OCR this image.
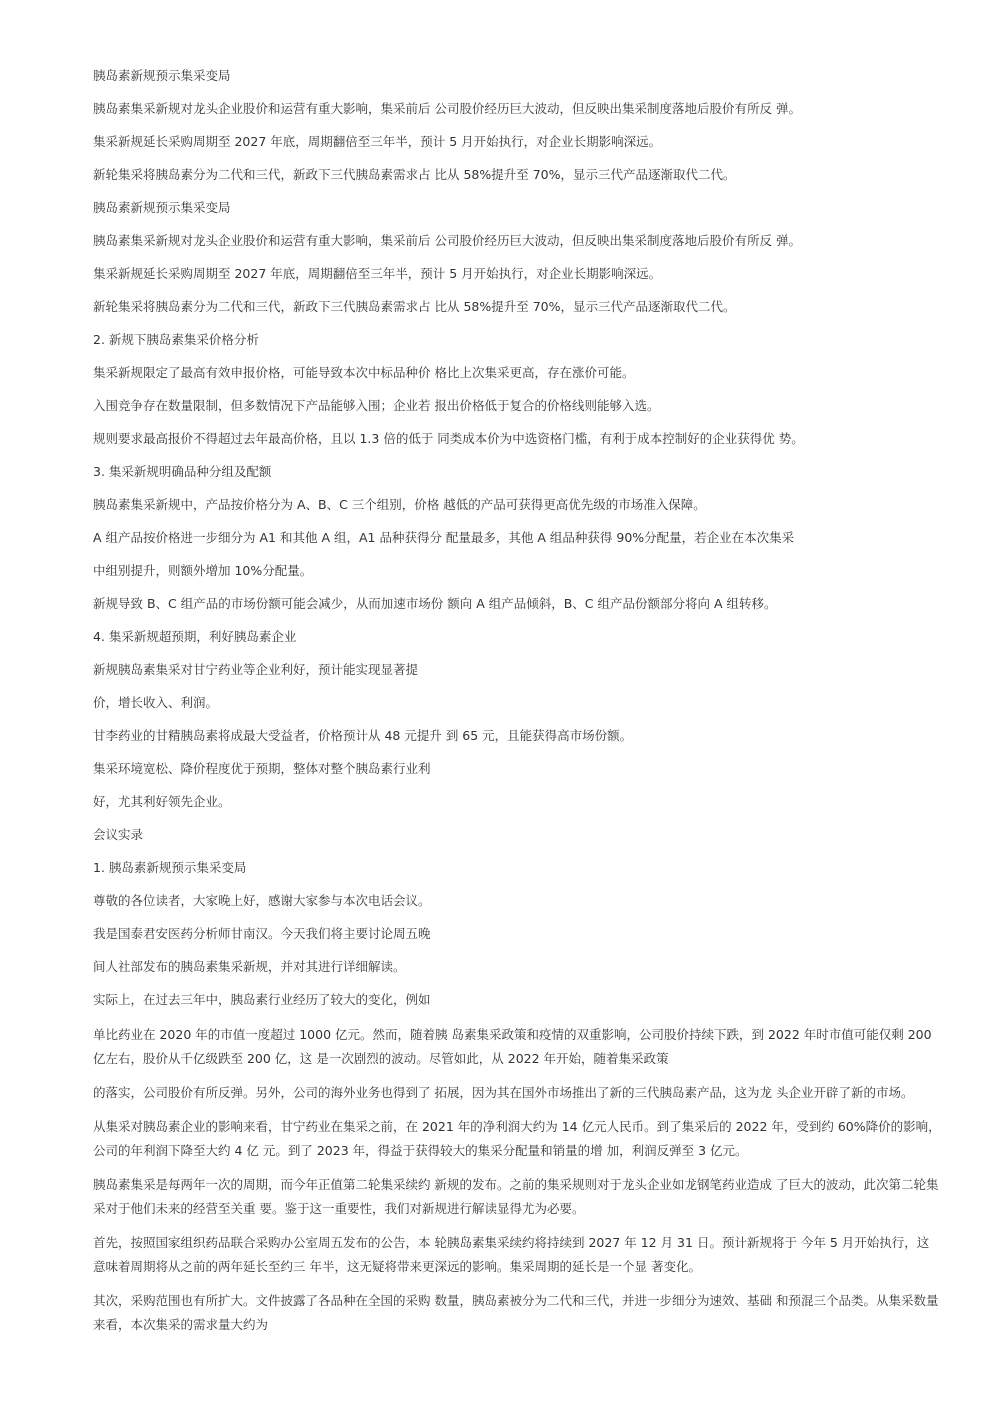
胰岛素新规预示集采变局

胰岛素集采新规对龙头企业股价和运营有重大影响，集采前后 公司股价经历巨大波动，但反映出集采制度落地后股价有所反 弹。

集采新规延长采购周期至 2027 年底，周期翻倍至三年半，预计 5 月开始执行，对企业长期影响深远。

新轮集采将胰岛素分为二代和三代，新政下三代胰岛素需求占 比从 58%提升至 70%，显示三代产品逐渐取代二代。

胰岛素新规预示集采变局

胰岛素集采新规对龙头企业股价和运营有重大影响，集采前后 公司股价经历巨大波动，但反映出集采制度落地后股价有所反 弹。

集采新规延长采购周期至 2027 年底，周期翻倍至三年半，预计 5 月开始执行，对企业长期影响深远。

新轮集采将胰岛素分为二代和三代，新政下三代胰岛素需求占 比从 58%提升至 70%，显示三代产品逐渐取代二代。

2. 新规下胰岛素集采价格分析

集采新规限定了最高有效申报价格，可能导致本次中标品种价 格比上次集采更高，存在涨价可能。

入围竞争存在数量限制，但多数情况下产品能够入围；企业若 报出价格低于复合的价格线则能够入选。

规则要求最高报价不得超过去年最高价格，且以 1.3 倍的低于 同类成本价为中选资格门槛，有利于成本控制好的企业获得优 势。

3. 集采新规明确品种分组及配额

胰岛素集采新规中，产品按价格分为 A、B、C 三个组别，价格 越低的产品可获得更高优先级的市场准入保障。

A 组产品按价格进一步细分为 A1 和其他 A 组，A1 品种获得分 配量最多，其他 A 组品种获得 90%分配量，若企业在本次集采

中组别提升，则额外增加 10%分配量。

新规导致 B、C 组产品的市场份额可能会减少，从而加速市场份 额向 A 组产品倾斜，B、C 组产品份额部分将向 A 组转移。

4. 集采新规超预期，利好胰岛素企业

新规胰岛素集采对甘宁药业等企业利好，预计能实现显著提

价，增长收入、利润。

甘李药业的甘精胰岛素将成最大受益者，价格预计从 48 元提升 到 65 元，且能获得高市场份额。

集采环境宽松、降价程度优于预期，整体对整个胰岛素行业利

好，尤其利好领先企业。

会议实录

1. 胰岛素新规预示集采变局

尊敬的各位读者，大家晚上好，感谢大家参与本次电话会议。

我是国泰君安医药分析师甘南汉。今天我们将主要讨论周五晚

间人社部发布的胰岛素集采新规，并对其进行详细解读。

实际上，在过去三年中，胰岛素行业经历了较大的变化，例如

单比药业在 2020 年的市值一度超过 1000 亿元。然而，随着胰 岛素集采政策和疫情的双重影响，公司股价持续下跌，到 2022 年时市值可能仅剩 200 亿左右，股价从千亿级跌至 200 亿，这 是一次剧烈的波动。尽管如此，从 2022 年开始，随着集采政策

的落实，公司股价有所反弹。另外，公司的海外业务也得到了 拓展，因为其在国外市场推出了新的三代胰岛素产品，这为龙 头企业开辟了新的市场。

从集采对胰岛素企业的影响来看，甘宁药业在集采之前，在 2021 年的净利润大约为 14 亿元人民币。到了集采后的 2022 年，受到约 60%降价的影响，公司的年利润下降至大约 4 亿 元。到了 2023 年，得益于获得较大的集采分配量和销量的增 加，利润反弹至 3 亿元。

胰岛素集采是每两年一次的周期，而今年正值第二轮集采续约 新规的发布。之前的集采规则对于龙头企业如龙钢笔药业造成 了巨大的波动，此次第二轮集采对于他们未来的经营至关重 要。鉴于这一重要性，我们对新规进行解读显得尤为必要。

首先，按照国家组织药品联合采购办公室周五发布的公告，本 轮胰岛素集采续约将持续到 2027 年 12 月 31 日。预计新规将于 今年 5 月开始执行，这意味着周期将从之前的两年延长至约三 年半，这无疑将带来更深远的影响。集采周期的延长是一个显 著变化。

其次，采购范围也有所扩大。文件披露了各品种在全国的采购 数量，胰岛素被分为二代和三代，并进一步细分为速效、基础 和预混三个品类。从集采数量来看，本次集采的需求量大约为
